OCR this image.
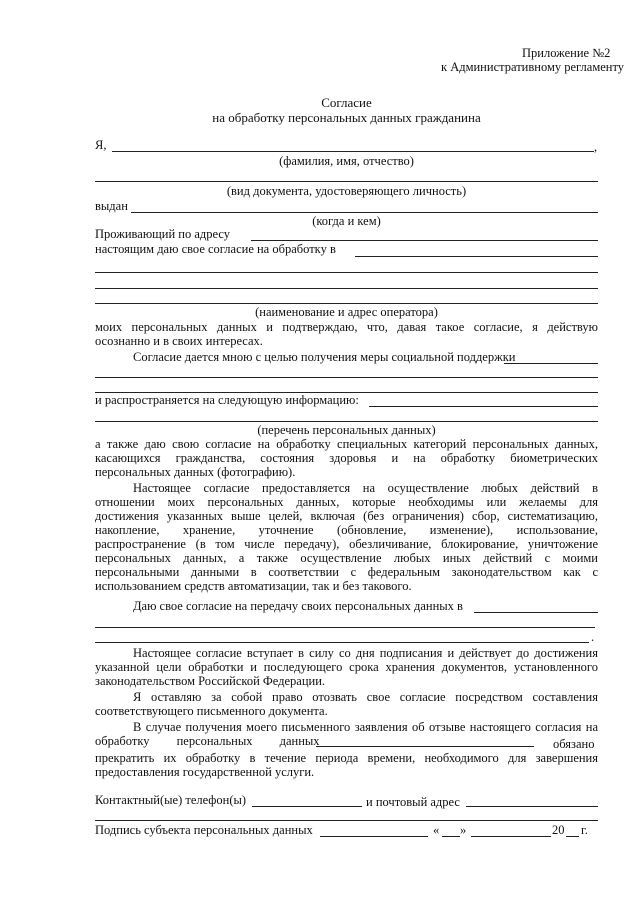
Приложение №2
к Административному регламенту
Согласие
на обработку персональных данных гражданина
Я,	,
(фамилия, имя, отчество)
(вид документа, удостоверяющего личность)
выдан
(когда и кем)
Проживающий по адресу
настоящим даю свое согласие на обработку в
(наименование и адрес оператора)
моих персональных данных и подтверждаю, что, давая такое согласие, я действую
осознанно и в своих интересах.
Согласие дается мною с целью получения меры социальной поддержки
и распространяется на следующую информацию:
(перечень персональных данных)
а также даю свою согласие на обработку специальных категорий персональных данных,
касающихся гражданства, состояния здоровья и на обработку биометрических
персональных данных (фотографию).
Настоящее согласие предоставляется на осуществление любых действий в
отношении моих персональных данных, которые необходимы или желаемы для
достижения указанных выше целей, включая (без ограничения) сбор, систематизацию,
накопление, хранение, уточнение (обновление, изменение), использование,
распространение (в том числе передачу), обезличивание, блокирование, уничтожение
персональных данных, а также осуществление любых иных действий с моими
персональными данными в соответствии с федеральным законодательством как с
использованием средств автоматизации, так и без такового.
Даю свое согласие на передачу своих персональных данных в
.
Настоящее согласие вступает в силу со дня подписания и действует до достижения
указанной цели обработки и последующего срока хранения документов, установленного
законодательством Российской Федерации.
Я оставляю за собой право отозвать свое согласие посредством составления
соответствующего письменного документа.
В случае получения моего письменного заявления об отзыве настоящего согласия на
обработку персональных данных	обязано
прекратить их обработку в течение периода времени, необходимого для завершения
предоставления государственной услуги.
Контактный(ые) телефон(ы)	и почтовый адрес
Подпись субъекта персональных данных	« »	20 г.
